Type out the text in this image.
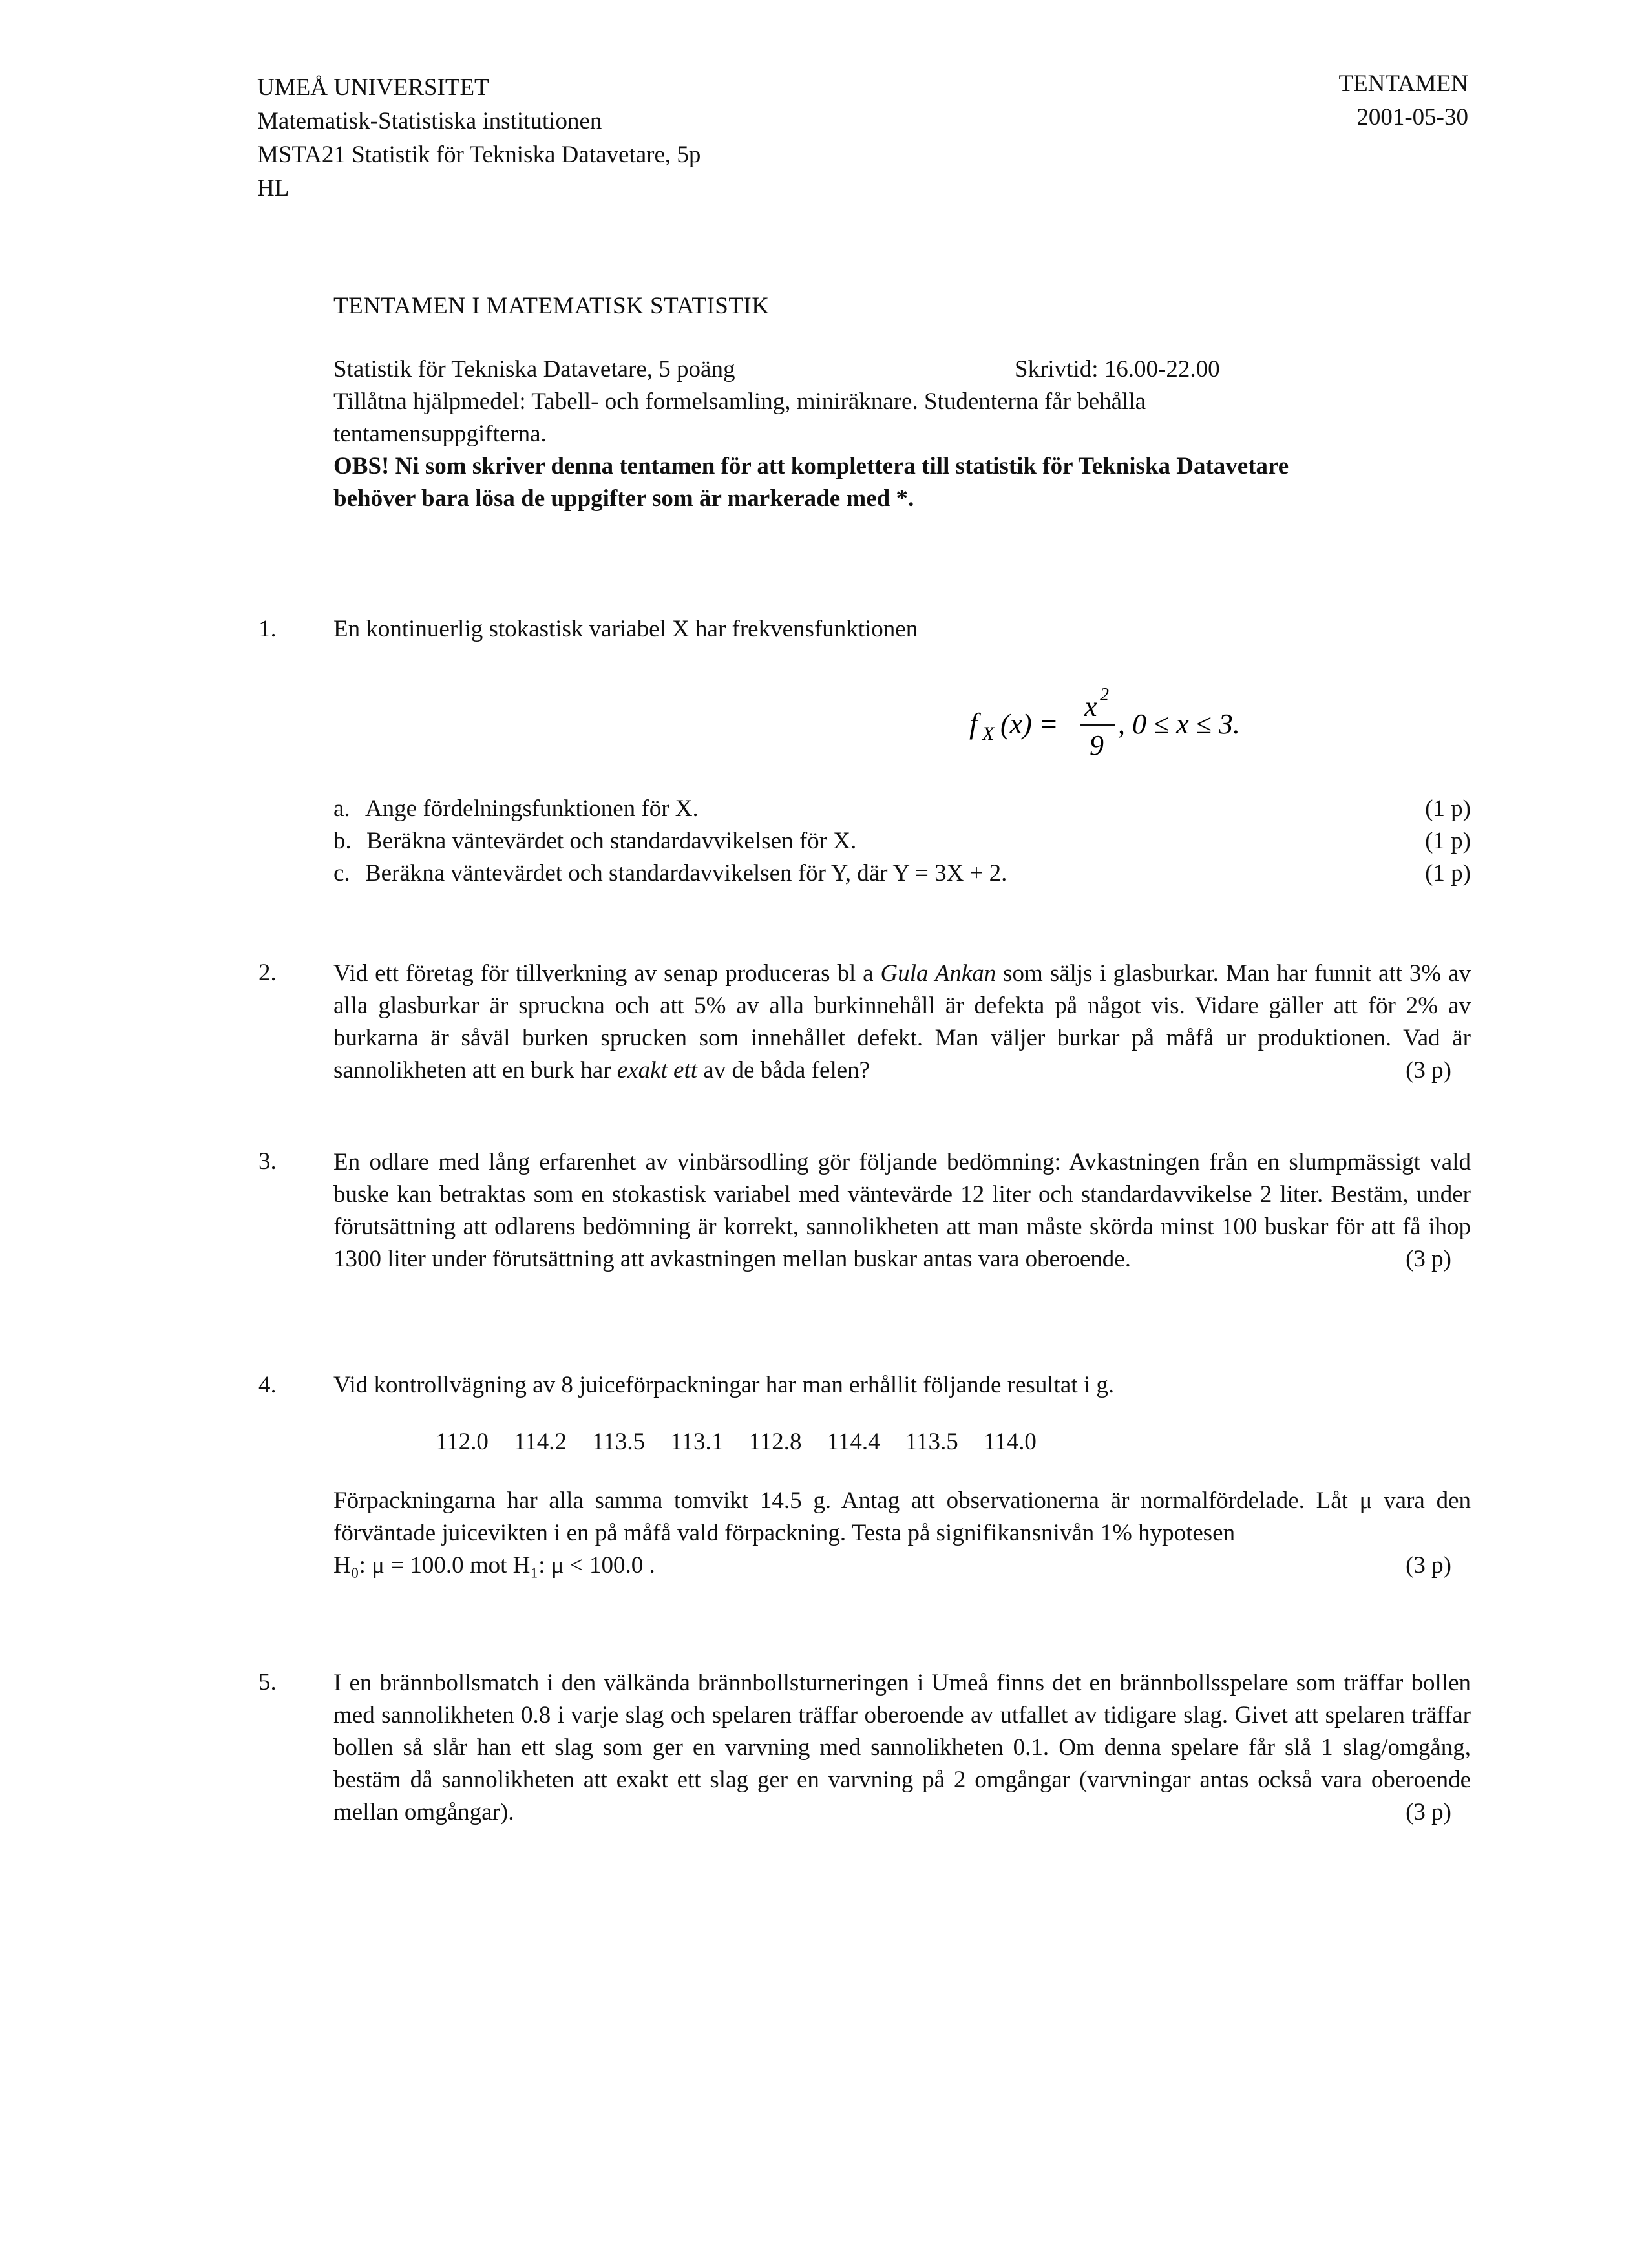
UMEÅ UNIVERSITET
Matematisk-Statistiska institutionen
MSTA21 Statistik för Tekniska Datavetare, 5p
HL
TENTAMEN
2001-05-30
TENTAMEN I MATEMATISK STATISTIK
Statistik för Tekniska Datavetare, 5 poäng	Skrivtid: 16.00-22.00
Tillåtna hjälpmedel: Tabell- och formelsamling, miniräknare. Studenterna får behålla
tentamensuppgifterna.
OBS! Ni som skriver denna tentamen för att komplettera till statistik för Tekniska Datavetare
behöver bara lösa de uppgifter som är markerade med *.
1. En kontinuerlig stokastisk variabel X har frekvensfunktionen
f X (x) =
x 2
9
, 0 ≤ x ≤ 3.
a. Ange fördelningsfunktionen för X.	(1 p)
b. Beräkna väntevärdet och standardavvikelsen för X.	(1 p)
c. Beräkna väntevärdet och standardavvikelsen för Y, där Y = 3X + 2.	(1 p)
2. Vid ett företag för tillverkning av senap produceras bl a Gula Ankan som säljs i glasburkar. Man har funnit att 3% av alla glasburkar är spruckna och att 5% av alla burkinnehåll är defekta på något vis. Vidare gäller att för 2% av burkarna är såväl burken sprucken som innehållet defekt. Man väljer burkar på måfå ur produktionen. Vad är sannolikheten att en burk har exakt ett av de båda felen?	(3 p)
3. En odlare med lång erfarenhet av vinbärsodling gör följande bedömning: Avkastningen från en slumpmässigt vald buske kan betraktas som en stokastisk variabel med väntevärde 12 liter och standardavvikelse 2 liter. Bestäm, under förutsättning att odlarens bedömning är korrekt, sannolikheten att man måste skörda minst 100 buskar för att få ihop 1300 liter under förutsättning att avkastningen mellan buskar antas vara oberoende.	(3 p)
4. Vid kontrollvägning av 8 juiceförpackningar har man erhållit följande resultat i g.
112.0 114.2 113.5 113.1 112.8 114.4 113.5 114.0
Förpackningarna har alla samma tomvikt 14.5 g. Antag att observationerna är normalfördelade. Låt μ vara den förväntade juicevikten i en på måfå vald förpackning. Testa på signifikansnivån 1% hypotesen
H₀: μ = 100.0 mot H₁: μ < 100.0 .	(3 p)
5. I en brännbollsmatch i den välkända brännbollsturneringen i Umeå finns det en brännbollsspelare som träffar bollen med sannolikheten 0.8 i varje slag och spelaren träffar oberoende av utfallet av tidigare slag. Givet att spelaren träffar bollen så slår han ett slag som ger en varvning med sannolikheten 0.1. Om denna spelare får slå 1 slag/omgång, bestäm då sannolikheten att exakt ett slag ger en varvning på 2 omgångar (varvningar antas också vara oberoende mellan omgångar).	(3 p)
